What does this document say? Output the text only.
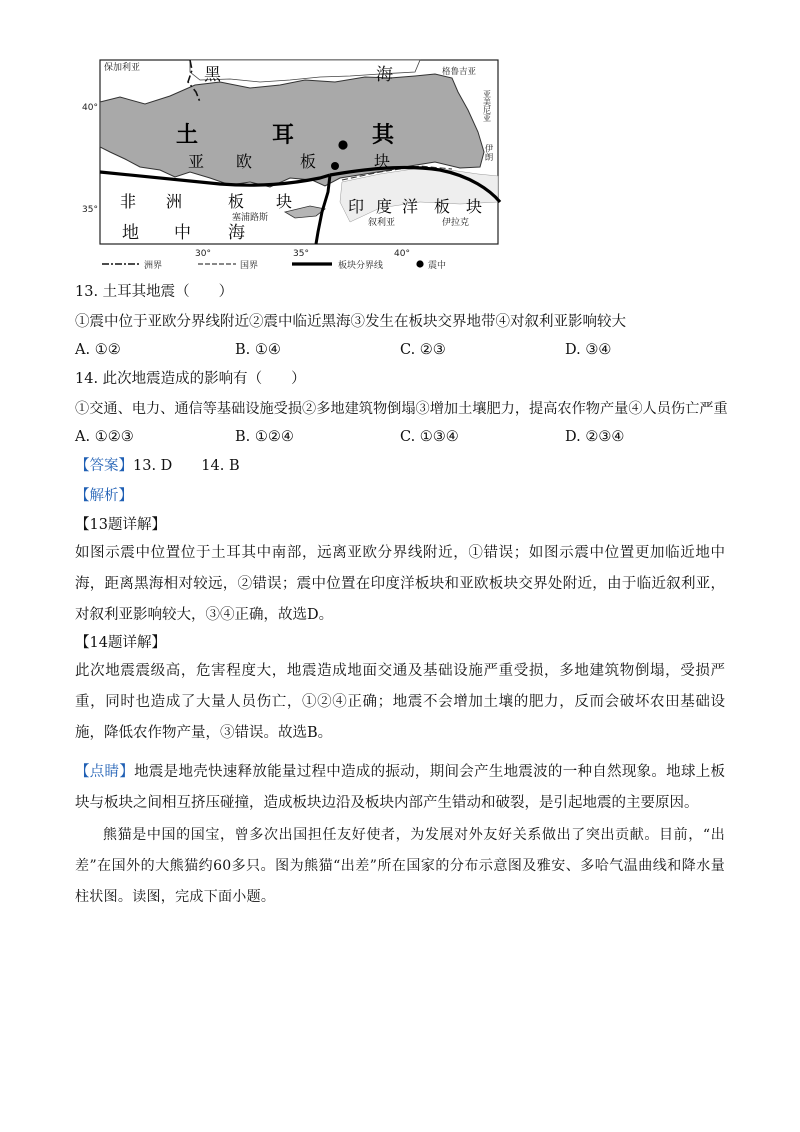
40°
35°
30°	35°	40°
保加利亚	格鲁吉亚
亚美尼亚
伊朗
塞浦路斯	叙利亚	伊拉克
黑	海
地 中 海
土	耳	其
亚 欧	板	块
非 洲	板 块	印 度 洋 板 块
洲界	国界	板块分界线	震中
13. 土耳其地震（　　）
①震中位于亚欧分界线附近②震中临近黑海③发生在板块交界地带④对叙利亚影响较大
A. ①②	B. ①④	C. ②③	D. ③④
14. 此次地震造成的影响有（　　）
①交通、电力、通信等基础设施受损②多地建筑物倒塌③增加土壤肥力，提高农作物产量④人员伤亡严重
A. ①②③	B. ①②④	C. ①③④	D. ②③④
【答案】13. D　　14. B
【解析】
【13题详解】
如图示震中位置位于土耳其中南部，远离亚欧分界线附近，①错误；如图示震中位置更加临近地中海，距离黑海相对较远，②错误；震中位置在印度洋板块和亚欧板块交界处附近，由于临近叙利亚，对叙利亚影响较大，③④正确，故选D。
【14题详解】
此次地震震级高，危害程度大，地震造成地面交通及基础设施严重受损，多地建筑物倒塌，受损严重，同时也造成了大量人员伤亡，①②④正确；地震不会增加土壤的肥力，反而会破坏农田基础设施，降低农作物产量，③错误。故选B。
【点睛】地震是地壳快速释放能量过程中造成的振动，期间会产生地震波的一种自然现象。地球上板块与板块之间相互挤压碰撞，造成板块边沿及板块内部产生错动和破裂，是引起地震的主要原因。
熊猫是中国的国宝，曾多次出国担任友好使者，为发展对外友好关系做出了突出贡献。目前，“出差”在国外的大熊猫约60多只。图为熊猫“出差”所在国家的分布示意图及雅安、多哈气温曲线和降水量柱状图。读图，完成下面小题。
